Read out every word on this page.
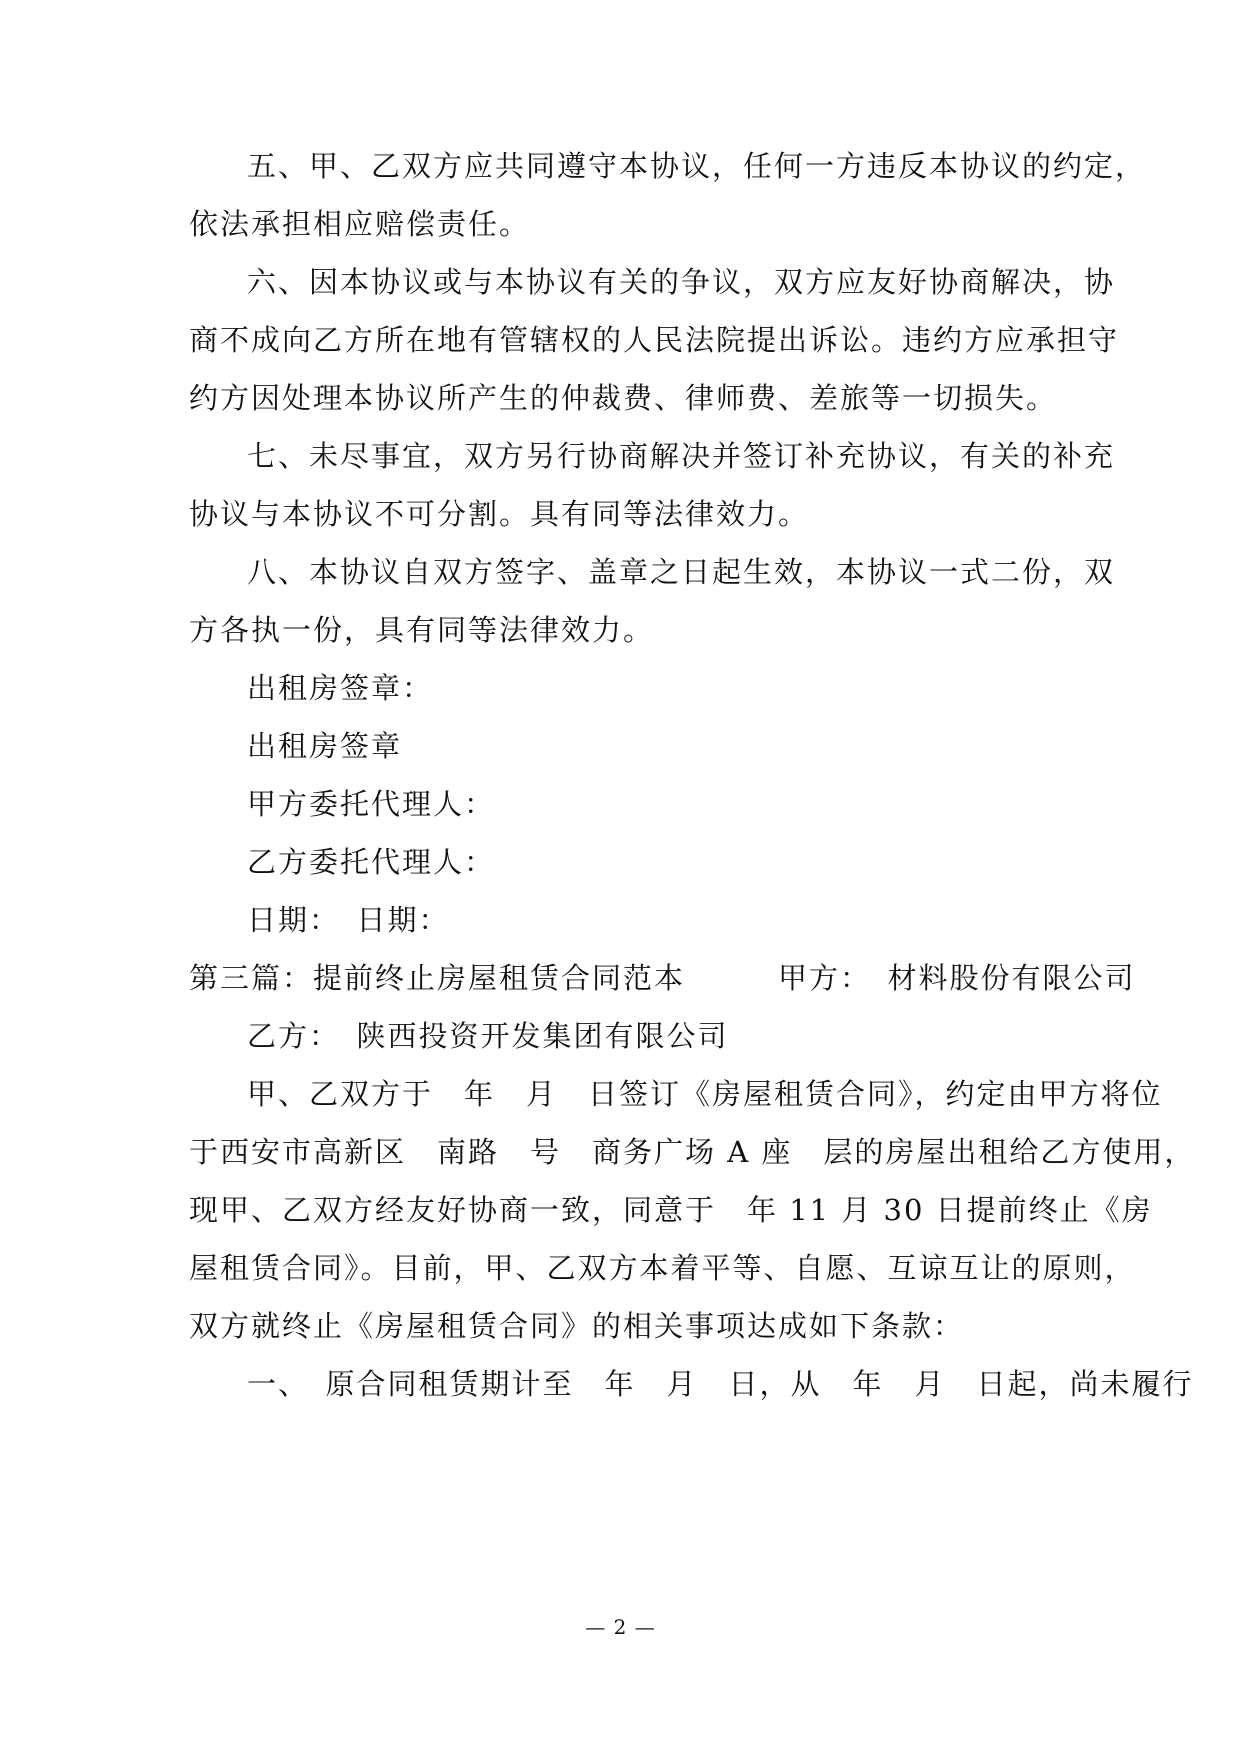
五、甲、乙双方应共同遵守本协议，任何一方违反本协议的约定，
依法承担相应赔偿责任。
六、因本协议或与本协议有关的争议，双方应友好协商解决，协
商不成向乙方所在地有管辖权的人民法院提出诉讼。违约方应承担守
约方因处理本协议所产生的仲裁费、律师费、差旅等一切损失。
七、未尽事宜，双方另行协商解决并签订补充协议，有关的补充
协议与本协议不可分割。具有同等法律效力。
八、本协议自双方签字、盖章之日起生效，本协议一式二份，双
方各执一份，具有同等法律效力。
出租房签章：
出租房签章
甲方委托代理人：
乙方委托代理人：
日期：　日期：
第三篇：提前终止房屋租赁合同范本　　　甲方：　材料股份有限公司
乙方：　陕西投资开发集团有限公司
甲、乙双方于　年　月　日签订《房屋租赁合同》，约定由甲方将位
于西安市高新区　南路　号　商务广场 A 座　层的房屋出租给乙方使用，
现甲、乙双方经友好协商一致，同意于　年 11 月 30 日提前终止《房
屋租赁合同》。目前，甲、乙双方本着平等、自愿、互谅互让的原则，
双方就终止《房屋租赁合同》的相关事项达成如下条款：
一、　原合同租赁期计至　年　月　日，从　年　月　日起，尚未履行
— 2 —
